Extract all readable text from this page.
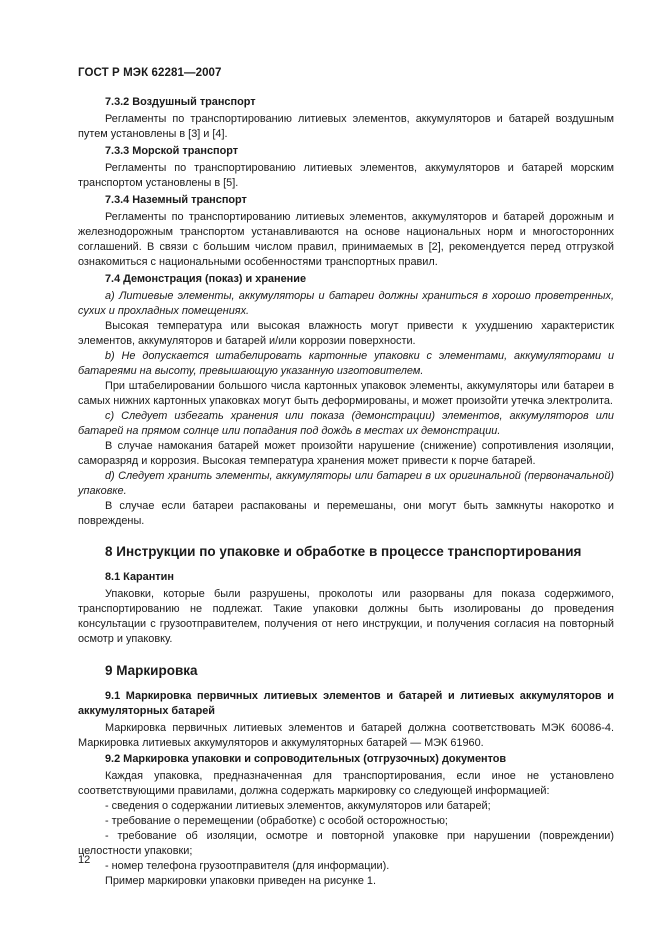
ГОСТ Р МЭК 62281—2007

7.3.2 Воздушный транспорт

Регламенты по транспортированию литиевых элементов, аккумуляторов и батарей воздушным путем установлены в [3] и [4].

7.3.3 Морской транспорт

Регламенты по транспортированию литиевых элементов, аккумуляторов и батарей морским транспортом установлены в [5].

7.3.4 Наземный транспорт

Регламенты по транспортированию литиевых элементов, аккумуляторов и батарей дорожным и железнодорожным транспортом устанавливаются на основе национальных норм и многосторонних соглашений. В связи с большим числом правил, принимаемых в [2], рекомендуется перед отгрузкой ознакомиться с национальными особенностями транспортных правил.

7.4 Демонстрация (показ) и хранение

а) Литиевые элементы, аккумуляторы и батареи должны храниться в хорошо проветренных, сухих и прохладных помещениях.

Высокая температура или высокая влажность могут привести к ухудшению характеристик элементов, аккумуляторов и батарей и/или коррозии поверхности.

b) Не допускается штабелировать картонные упаковки с элементами, аккумуляторами и батареями на высоту, превышающую указанную изготовителем.

При штабелировании большого числа картонных упаковок элементы, аккумуляторы или батареи в самых нижних картонных упаковках могут быть деформированы, и может произойти утечка электролита.

с) Следует избегать хранения или показа (демонстрации) элементов, аккумуляторов или батарей на прямом солнце или попадания под дождь в местах их демонстрации.

В случае намокания батарей может произойти нарушение (снижение) сопротивления изоляции, саморазряд и коррозия. Высокая температура хранения может привести к порче батарей.

d) Следует хранить элементы, аккумуляторы или батареи в их оригинальной (первоначальной) упаковке.

В случае если батареи распакованы и перемешаны, они могут быть замкнуты накоротко и повреждены.

8 Инструкции по упаковке и обработке в процессе транспортирования

8.1 Карантин

Упаковки, которые были разрушены, проколоты или разорваны для показа содержимого, транспортированию не подлежат. Такие упаковки должны быть изолированы до проведения консультации с грузоотправителем, получения от него инструкции, и получения согласия на повторный осмотр и упаковку.

9 Маркировка

9.1 Маркировка первичных литиевых элементов и батарей и литиевых аккумуляторов и аккумуляторных батарей

Маркировка первичных литиевых элементов и батарей должна соответствовать МЭК 60086-4. Маркировка литиевых аккумуляторов и аккумуляторных батарей — МЭК 61960.

9.2 Маркировка упаковки и сопроводительных (отгрузочных) документов

Каждая упаковка, предназначенная для транспортирования, если иное не установлено соответствующими правилами, должна содержать маркировку со следующей информацией:

- сведения о содержании литиевых элементов, аккумуляторов или батарей;

- требование о перемещении (обработке) с особой осторожностью;

- требование об изоляции, осмотре и повторной упаковке при нарушении (повреждении) целостности упаковки;

- номер телефона грузоотправителя (для информации).

Пример маркировки упаковки приведен на рисунке 1.

12
